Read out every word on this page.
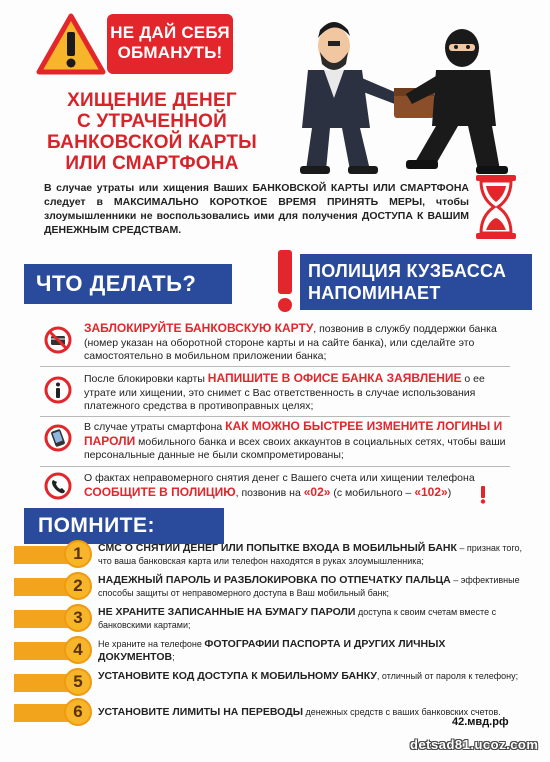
НЕ ДАЙ СЕБЯ
ОБМАНУТЬ!
ХИЩЕНИЕ ДЕНЕГ
С УТРАЧЕННОЙ
БАНКОВСКОЙ КАРТЫ
ИЛИ СМАРТФОНА

В случае утраты или хищения Ваших БАНКОВСКОЙ КАРТЫ ИЛИ СМАРТФОНА следует в МАКСИМАЛЬНО КОРОТКОЕ ВРЕМЯ ПРИНЯТЬ МЕРЫ, чтобы злоумышленники не воспользовались ими для получения ДОСТУПА К ВАШИМ ДЕНЕЖНЫМ СРЕДСТВАМ.

ЧТО ДЕЛАТЬ?	ПОЛИЦИЯ КУЗБАССА
НАПОМИНАЕТ

ЗАБЛОКИРУЙТЕ БАНКОВСКУЮ КАРТУ, позвонив в службу поддержки банка (номер указан на оборотной стороне карты и на сайте банка), или сделайте это самостоятельно в мобильном приложении банка;

После блокировки карты НАПИШИТЕ В ОФИСЕ БАНКА ЗАЯВЛЕНИЕ о ее утрате или хищении, это снимет с Вас ответственность в случае использования платежного средства в противоправных целях;

В случае утраты смартфона КАК МОЖНО БЫСТРЕЕ ИЗМЕНИТЕ ЛОГИНЫ И ПАРОЛИ мобильного банка и всех своих аккаунтов в социальных сетях, чтобы ваши персональные данные не были скомпрометированы;

О фактах неправомерного снятия денег с Вашего счета или хищении телефона СООБЩИТЕ В ПОЛИЦИЮ, позвонив на «02» (с мобильного – «102»)

ПОМНИТЕ:
1	СМС О СНЯТИИ ДЕНЕГ ИЛИ ПОПЫТКЕ ВХОДА В МОБИЛЬНЫЙ БАНК – признак того, что ваша банковская карта или телефон находятся в руках злоумышленника;

2	НАДЕЖНЫЙ ПАРОЛЬ И РАЗБЛОКИРОВКА ПО ОТПЕЧАТКУ ПАЛЬЦА – эффективные способы защиты от неправомерного доступа в Ваш мобильный банк;

3	НЕ ХРАНИТЕ ЗАПИСАННЫЕ НА БУМАГУ ПАРОЛИ доступа к своим счетам вместе с банковскими картами;

4	Не храните на телефоне ФОТОГРАФИИ ПАСПОРТА И ДРУГИХ ЛИЧНЫХ ДОКУМЕНТОВ;

5	УСТАНОВИТЕ КОД ДОСТУПА К МОБИЛЬНОМУ БАНКУ, отличный от пароля к телефону;

6	УСТАНОВИТЕ ЛИМИТЫ НА ПЕРЕВОДЫ денежных средств с ваших банковских счетов.

42.мвд.рф
detsad81.ucoz.com
